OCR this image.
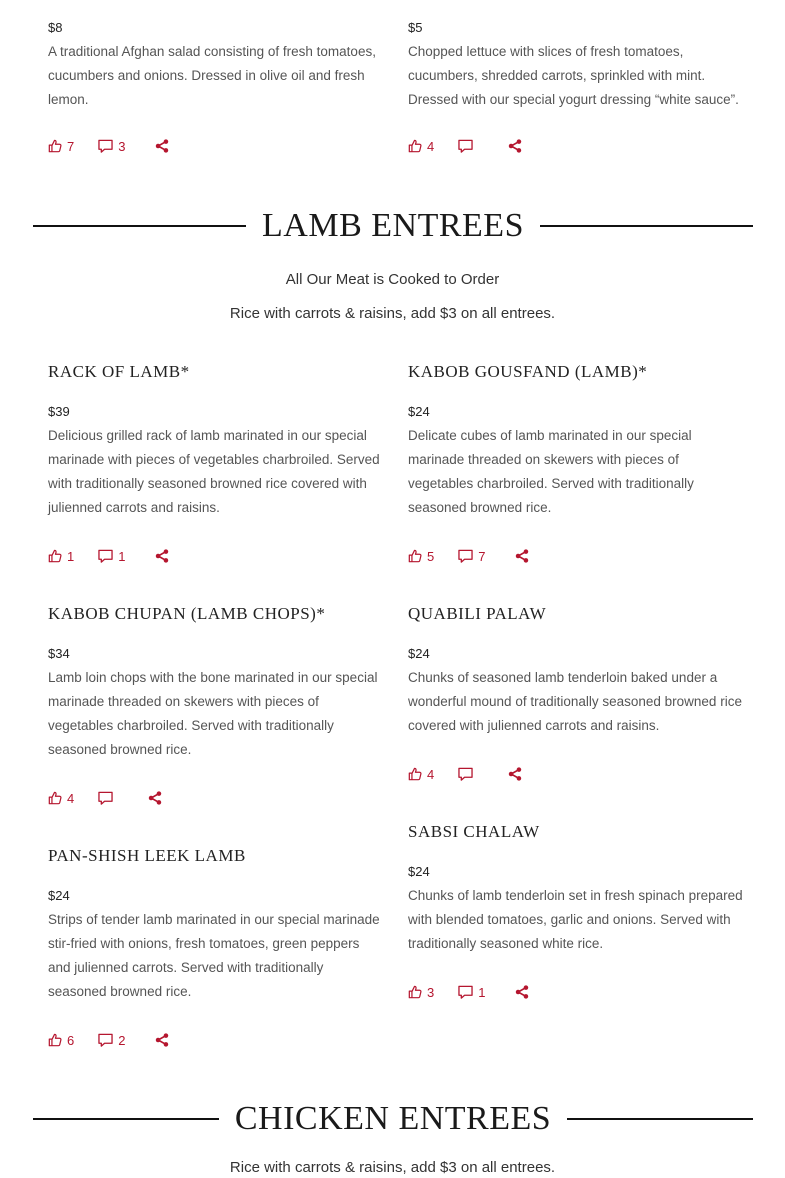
$8
A traditional Afghan salad consisting of fresh tomatoes, cucumbers and onions. Dressed in olive oil and fresh lemon.
7	3
$5
Chopped lettuce with slices of fresh tomatoes, cucumbers, shredded carrots, sprinkled with mint. Dressed with our special yogurt dressing “white sauce”.
4
LAMB ENTREES
All Our Meat is Cooked to Order
Rice with carrots & raisins, add $3 on all entrees.
RACK OF LAMB*
$39
Delicious grilled rack of lamb marinated in our special marinade with pieces of vegetables charbroiled. Served with traditionally seasoned browned rice covered with julienned carrots and raisins.
1	1
KABOB GOUSFAND (LAMB)*
$24
Delicate cubes of lamb marinated in our special marinade threaded on skewers with pieces of vegetables charbroiled. Served with traditionally seasoned browned rice.
5	7
KABOB CHUPAN (LAMB CHOPS)*
$34
Lamb loin chops with the bone marinated in our special marinade threaded on skewers with pieces of vegetables charbroiled. Served with traditionally seasoned browned rice.
4
QUABILI PALAW
$24
Chunks of seasoned lamb tenderloin baked under a wonderful mound of traditionally seasoned browned rice covered with julienned carrots and raisins.
4
PAN-SHISH LEEK LAMB
$24
Strips of tender lamb marinated in our special marinade stir-fried with onions, fresh tomatoes, green peppers and julienned carrots. Served with traditionally seasoned browned rice.
6	2
SABSI CHALAW
$24
Chunks of lamb tenderloin set in fresh spinach prepared with blended tomatoes, garlic and onions. Served with traditionally seasoned white rice.
3	1
CHICKEN ENTREES
Rice with carrots & raisins, add $3 on all entrees.
